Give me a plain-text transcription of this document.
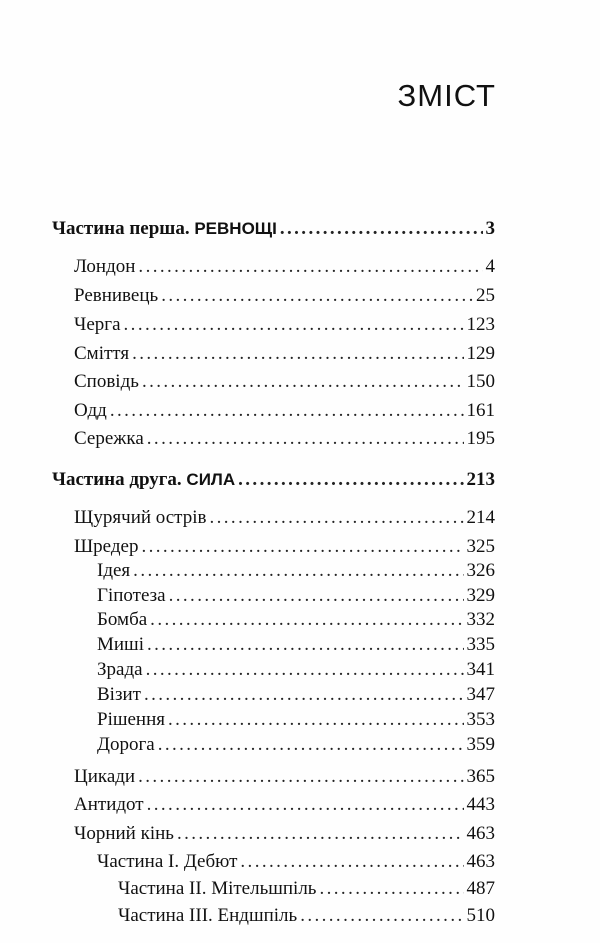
ЗМІСТ
Частина перша. РЕВНОЩІ .....	3
Лондон .....	4
Ревнивець .....	25
Черга .....	123
Сміття .....	129
Сповідь .....	150
Одд .....	161
Сережка .....	195
Частина друга. СИЛА .....	213
Щурячий острів .....	214
Шредер .....	325
Ідея .....	326
Гіпотеза .....	329
Бомба .....	332
Миші .....	335
Зрада .....	341
Візит .....	347
Рішення .....	353
Дорога .....	359
Цикади .....	365
Антидот .....	443
Чорний кінь .....	463
Частина І. Дебют .....	463
Частина ІІ. Мітельшпіль .....	487
Частина ІІІ. Ендшпіль .....	510
